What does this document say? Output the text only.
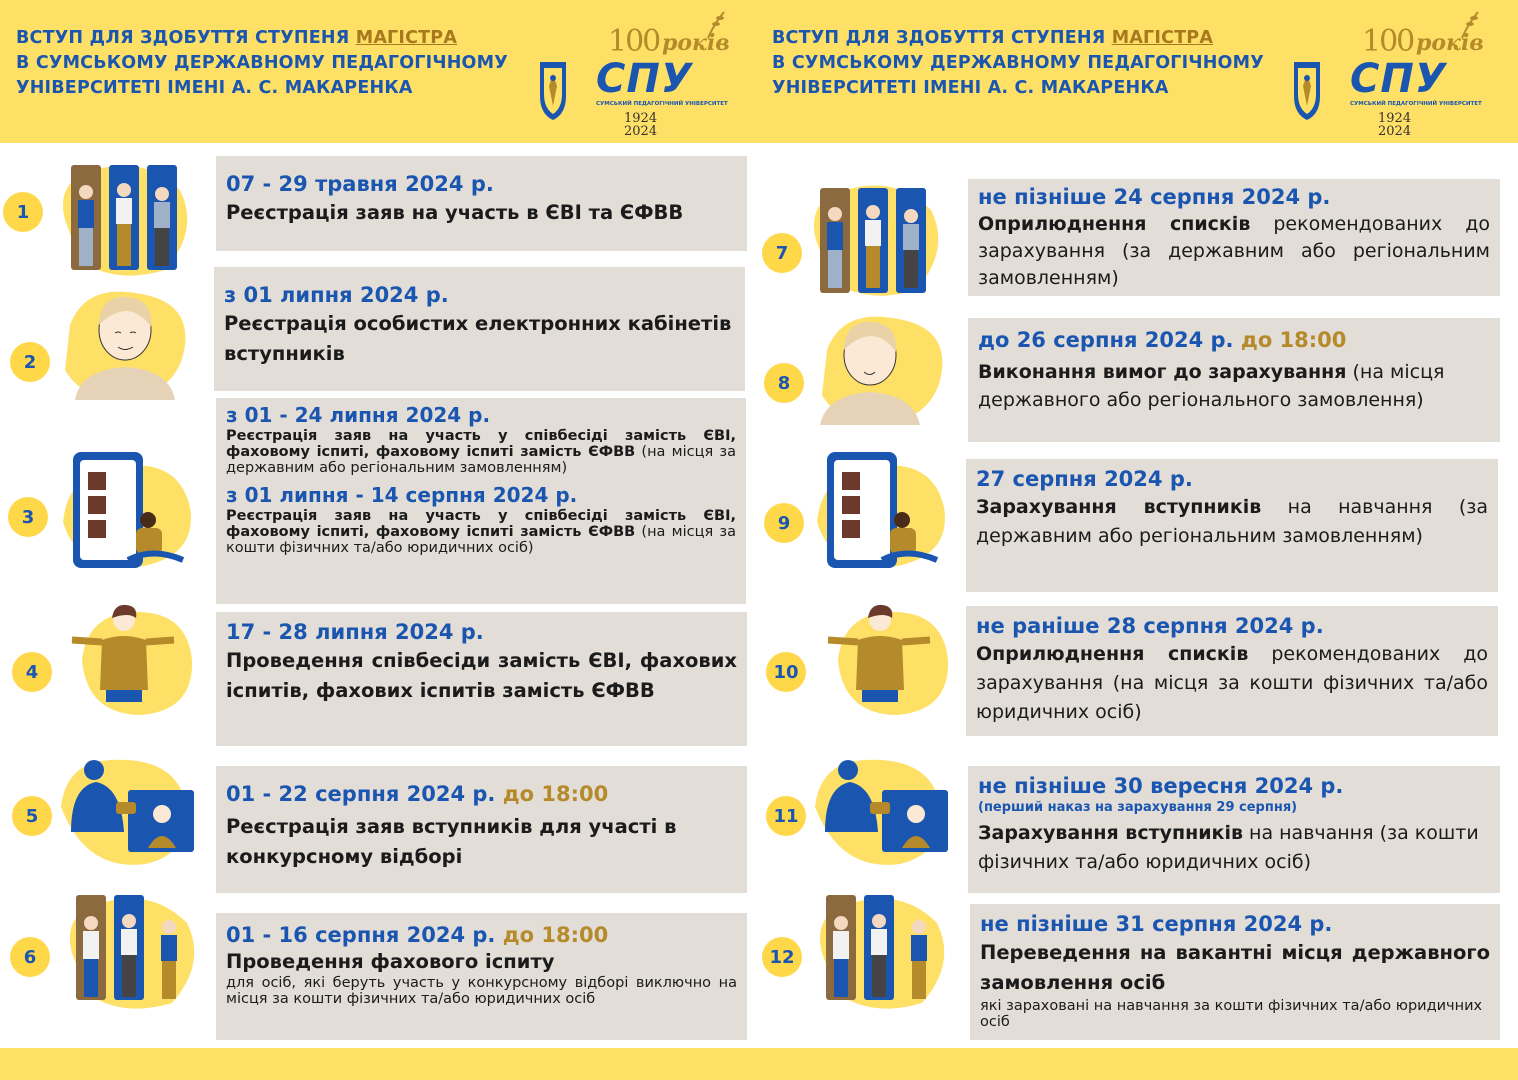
ВСТУП ДЛЯ ЗДОБУТТЯ СТУПЕНЯ МАГІСТРА
В СУМСЬКОМУ ДЕРЖАВНОМУ ПЕДАГОГІЧНОМУ
УНІВЕРСИТЕТІ ІМЕНІ А. С. МАКАРЕНКА
100 років
СПУ
СУМСЬКИЙ ПЕДАГОГІЧНИЙ УНІВЕРСИТЕТ
1924
2024
ВСТУП ДЛЯ ЗДОБУТТЯ СТУПЕНЯ МАГІСТРА
В СУМСЬКОМУ ДЕРЖАВНОМУ ПЕДАГОГІЧНОМУ
УНІВЕРСИТЕТІ ІМЕНІ А. С. МАКАРЕНКА
100 років
СПУ
СУМСЬКИЙ ПЕДАГОГІЧНИЙ УНІВЕРСИТЕТ
1924
2024
1
2
3
4
5
6
7
8
9
10
11
12
07 - 29 травня 2024 р.
Реєстрація заяв на участь в ЄВІ та ЄФВВ
з 01 липня 2024 р.
Реєстрація особистих електронних кабінетів вступників
з 01 - 24 липня 2024 р.
Реєстрація заяв на участь у співбесіді замість ЄВІ, фаховому іспиті, фаховому іспиті замість ЄФВВ (на місця за державним або регіональним замовленням)
з 01 липня - 14 серпня 2024 р.
Реєстрація заяв на участь у співбесіді замість ЄВІ, фаховому іспиті, фаховому іспиті замість ЄФВВ (на місця за кошти фізичних та/або юридичних осіб)
17 - 28 липня 2024 р.
Проведення співбесіди замість ЄВІ, фахових іспитів, фахових іспитів замість ЄФВВ
01 - 22 серпня 2024 р. до 18:00
Реєстрація заяв вступників для участі в конкурсному відборі
01 - 16 серпня 2024 р. до 18:00
Проведення фахового іспиту
для осіб, які беруть участь у конкурсному відборі виключно на місця за кошти фізичних та/або юридичних осіб
не пізніше 24 серпня 2024 р.
Оприлюднення списків рекомендованих до зарахування (за державним або регіональним замовленням)
до 26 серпня 2024 р. до 18:00
Виконання вимог до зарахування (на місця державного або регіонального замовлення)
27 серпня 2024 р.
Зарахування вступників на навчання (за державним або регіональним замовленням)
не раніше 28 серпня 2024 р.
Оприлюднення списків рекомендованих до зарахування (на місця за кошти фізичних та/або юридичних осіб)
не пізніше 30 вересня 2024 р.
(перший наказ на зарахування 29 серпня)
Зарахування вступників на навчання (за кошти фізичних та/або юридичних осіб)
не пізніше 31 серпня 2024 р.
Переведення на вакантні місця державного замовлення осіб
які зараховані на навчання за кошти фізичних та/або юридичних осіб
